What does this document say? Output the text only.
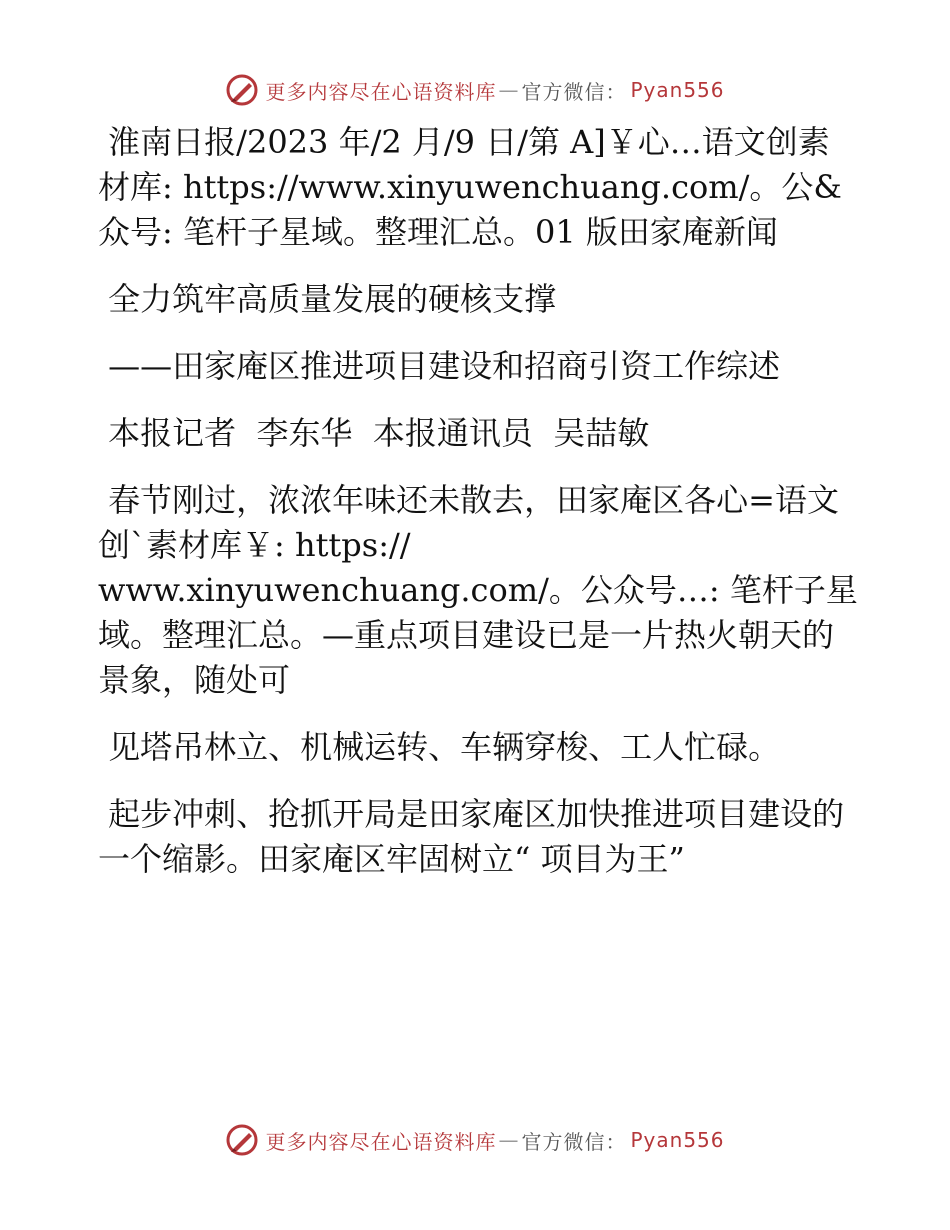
更多内容尽在心语资料库 — 官方微信： Pyan556

淮南日报/2023 年/2 月/9 日/第 A]￥心…语文创素材库: https://www.xinyuwenchuang.com/。公&众号: 笔杆子星域。整理汇总。01 版田家庵新闻

全力筑牢高质量发展的硬核支撑

——田家庵区推进项目建设和招商引资工作综述

本报记者  李东华  本报通讯员  吴喆敏

春节刚过，浓浓年味还未散去，田家庵区各心=语文创`素材库￥: https://

www.xinyuwenchuang.com/。公众号…: 笔杆子星域。整理汇总。—重点项目建设已是一片热火朝天的景象，随处可

见塔吊林立、机械运转、车辆穿梭、工人忙碌。

起步冲刺、抢抓开局是田家庵区加快推进项目建设的一个缩影。田家庵区牢固树立“ 项目为王”

更多内容尽在心语资料库 — 官方微信： Pyan556
